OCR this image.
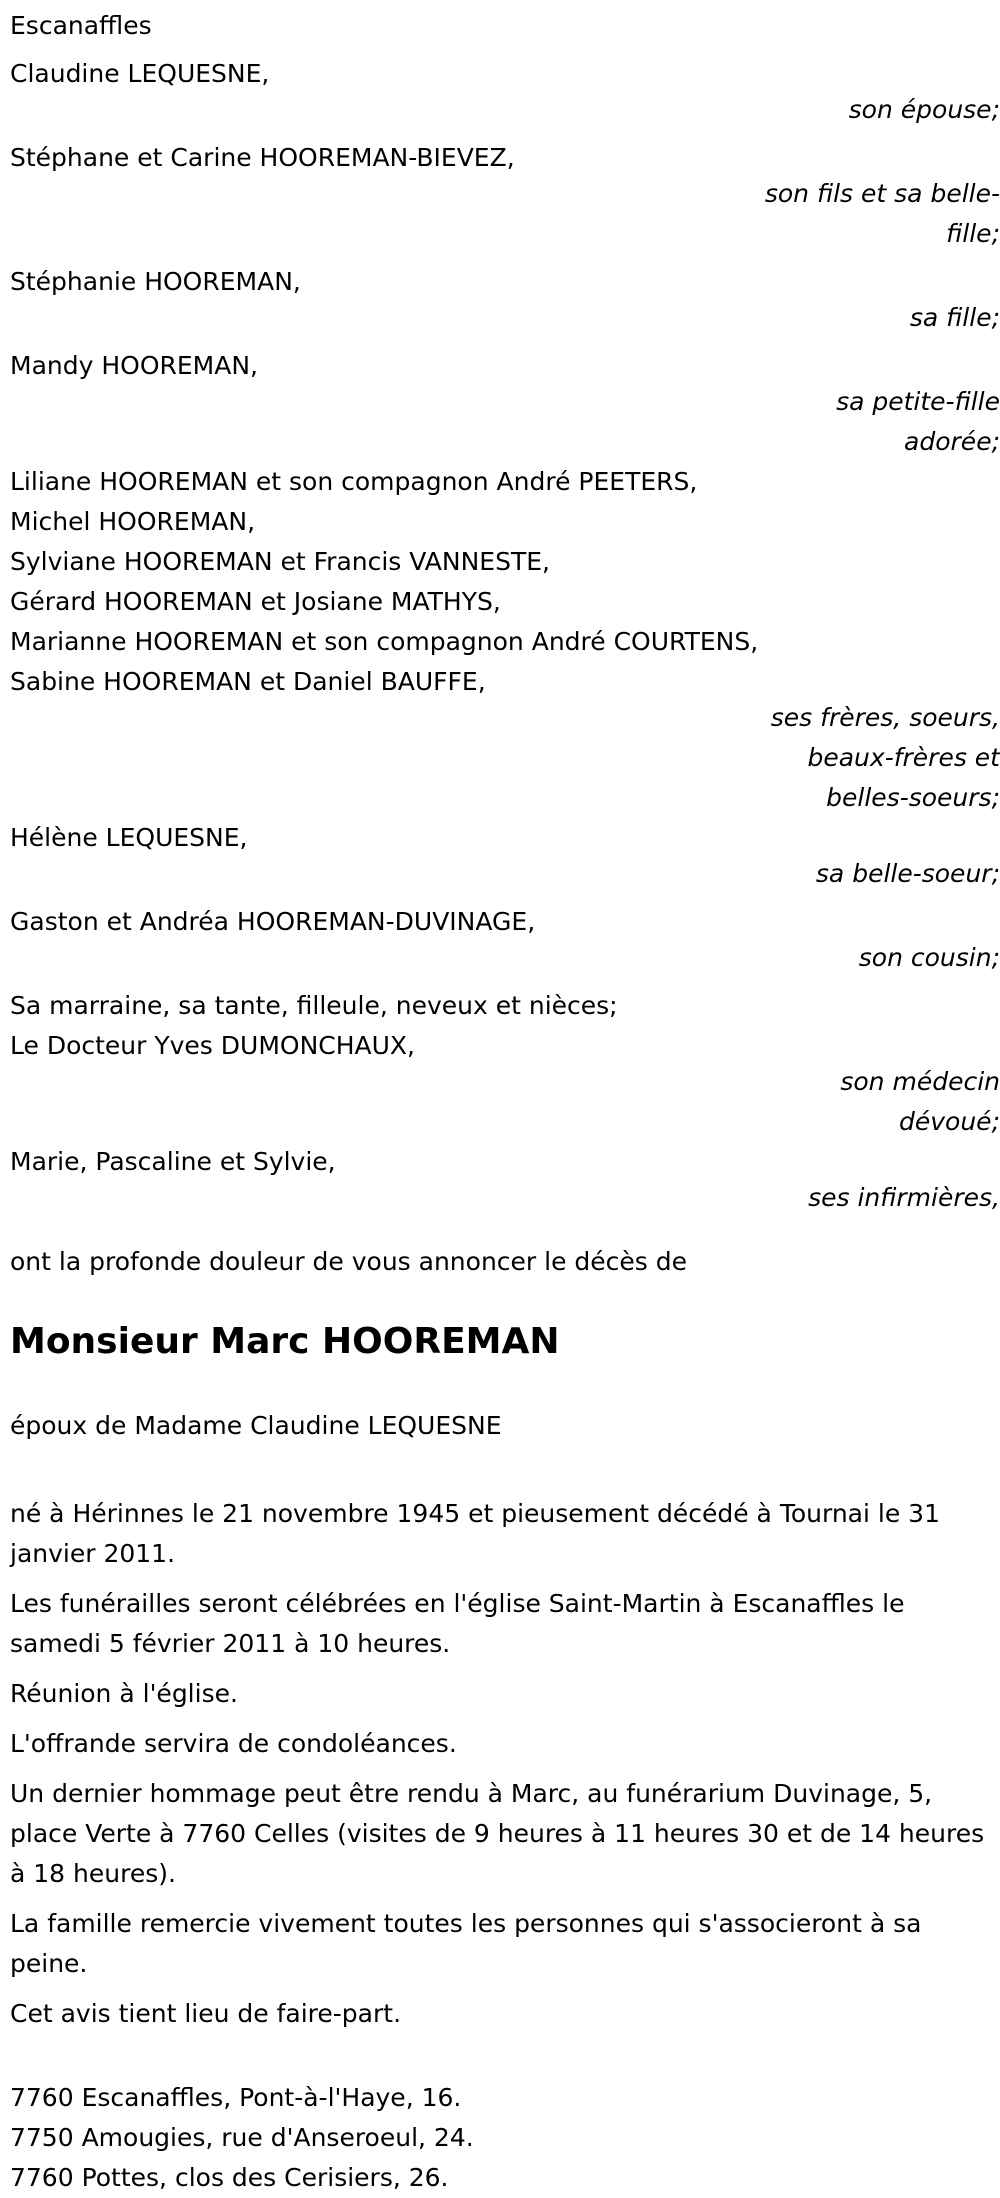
Escanaffles
Claudine LEQUESNE,
son épouse;
Stéphane et Carine HOOREMAN-BIEVEZ,
son fils et sa belle-fille;
Stéphanie HOOREMAN,
sa fille;
Mandy HOOREMAN,
sa petite-fille adorée;
Liliane HOOREMAN et son compagnon André PEETERS,
Michel HOOREMAN,
Sylviane HOOREMAN et Francis VANNESTE,
Gérard HOOREMAN et Josiane MATHYS,
Marianne HOOREMAN et son compagnon André COURTENS,
Sabine HOOREMAN et Daniel BAUFFE,
ses frères, soeurs, beaux-frères et belles-soeurs;
Hélène LEQUESNE,
sa belle-soeur;
Gaston et Andréa HOOREMAN-DUVINAGE,
son cousin;
Sa marraine, sa tante, filleule, neveux et nièces;
Le Docteur Yves DUMONCHAUX,
son médecin dévoué;
Marie, Pascaline et Sylvie,
ses infirmières,
ont la profonde douleur de vous annoncer le décès de
Monsieur Marc HOOREMAN
époux de Madame Claudine LEQUESNE
né à Hérinnes le 21 novembre 1945 et pieusement décédé à Tournai le 31 janvier 2011.
Les funérailles seront célébrées en l'église Saint-Martin à Escanaffles le samedi 5 février 2011 à 10 heures.
Réunion à l'église.
L'offrande servira de condoléances.
Un dernier hommage peut être rendu à Marc, au funérarium Duvinage, 5, place Verte à 7760 Celles (visites de 9 heures à 11 heures 30 et de 14 heures à 18 heures).
La famille remercie vivement toutes les personnes qui s'associeront à sa peine.
Cet avis tient lieu de faire-part.
7760 Escanaffles, Pont-à-l'Haye, 16.
7750 Amougies, rue d'Anseroeul, 24.
7760 Pottes, clos des Cerisiers, 26.
